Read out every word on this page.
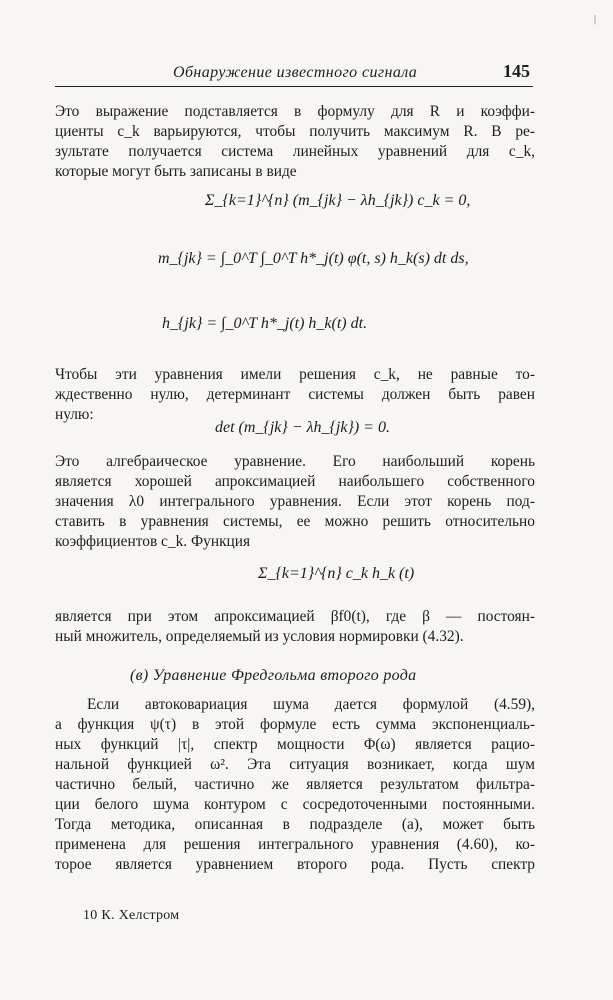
|
Обнаружение известного сигнала	145
Это выражение подставляется в формулу для R и коэффи-
циенты c_k варьируются, чтобы получить максимум R. В ре-
зультате получается система линейных уравнений для c_k,
которые могут быть записаны в виде
Σ_{k=1}^{n} (m_{jk} − λh_{jk}) c_k = 0,
m_{jk} = ∫_0^T ∫_0^T h*_j(t) φ(t, s) h_k(s) dt ds,
h_{jk} = ∫_0^T h*_j(t) h_k(t) dt.
Чтобы эти уравнения имели решения c_k, не равные то-
ждественно нулю, детерминант системы должен быть равен
нулю:
det (m_{jk} − λh_{jk}) = 0.
Это алгебраическое уравнение. Его наибольший корень
является хорошей апроксимацией наибольшего собственного
значения λ0 интегрального уравнения. Если этот корень под-
ставить в уравнения системы, ее можно решить относительно
коэффициентов c_k. Функция
Σ_{k=1}^{n} c_k h_k (t)
является при этом апроксимацией βf0(t), где β — постоян-
ный множитель, определяемый из условия нормировки (4.32).
(в) Уравнение Фредгольма второго рода
Если автоковариация шума дается формулой (4.59),
а функция ψ(τ) в этой формуле есть сумма экспоненциаль-
ных функций |τ|, спектр мощности Φ(ω) является рацио-
нальной функцией ω². Эта ситуация возникает, когда шум
частично белый, частично же является результатом фильтра-
ции белого шума контуром с сосредоточенными постоянными.
Тогда методика, описанная в подразделе (а), может быть
применена для решения интегрального уравнения (4.60), ко-
торое является уравнением второго рода. Пусть спектр
10 К. Хелстром
